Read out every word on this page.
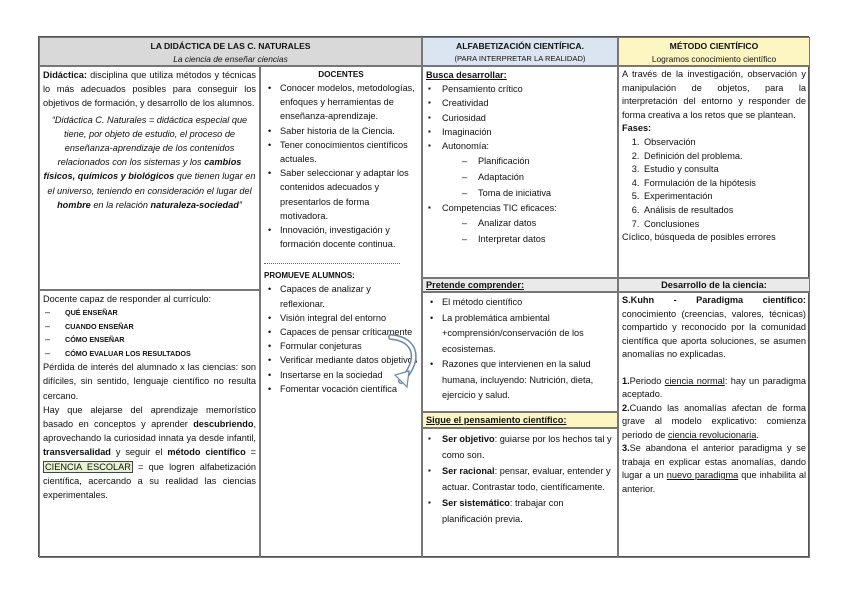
LA DIDÁCTICA DE LAS C. NATURALES
La ciencia de enseñar ciencias
Didáctica: disciplina que utiliza métodos y técnicas lo más adecuados posibles para conseguir los objetivos de formación, y desarrollo de los alumnos.
“Didáctica C. Naturales = didáctica especial que tiene, por objeto de estudio, el proceso de enseñanza-aprendizaje de los contenidos relacionados con los sistemas y los cambios físicos, químicos y biológicos que tienen lugar en el universo, teniendo en consideración el lugar del hombre en la relación naturaleza-sociedad”
Docente capaz de responder al currículo:
– QUÉ ENSEÑAR
– CUANDO ENSEÑAR
– CÓMO ENSEÑAR
– CÓMO EVALUAR LOS RESULTADOS
Pérdida de interés del alumnado x las ciencias: son difíciles, sin sentido, lenguaje científico no resulta cercano.
Hay que alejarse del aprendizaje memorístico basado en conceptos y aprender descubriendo, aprovechando la curiosidad innata ya desde infantil, transversalidad y seguir el método científico = CIENCIA ESCOLAR = que logren alfabetización científica, acercando a su realidad las ciencias experimentales.
DOCENTES
• Conocer modelos, metodologías, enfoques y herramientas de enseñanza-aprendizaje.
• Saber historia de la Ciencia.
• Tener conocimientos científicos actuales.
• Saber seleccionar y adaptar los contenidos adecuados y presentarlos de forma motivadora.
• Innovación, investigación y formación docente continua.
PROMUEVE ALUMNOS:
• Capaces de analizar y reflexionar.
• Visión integral del entorno
• Capaces de pensar críticamente
• Formular conjeturas
• Verificar mediante datos objetivos
• Insertarse en la sociedad
• Fomentar vocación científica
ALFABETIZACIÓN CIENTÍFICA.
(PARA INTERPRETAR LA REALIDAD)
Busca desarrollar:
▪ Pensamiento crítico
▪ Creatividad
▪ Curiosidad
▪ Imaginación
▪ Autonomía:
– Planificación
– Adaptación
– Toma de iniciativa
▪ Competencias TIC eficaces:
– Analizar datos
– Interpretar datos
Pretende comprender:
• El método científico
• La problemática ambiental +comprensión/conservación de los ecosistemas.
• Razones que intervienen en la salud humana, incluyendo: Nutrición, dieta, ejercicio y salud.
Sigue el pensamiento científico:
▪ Ser objetivo: guiarse por los hechos tal y como son.
▪ Ser racional: pensar, evaluar, entender y actuar. Contrastar todo, científicamente.
▪ Ser sistemático: trabajar con planificación previa.
MÉTODO CIENTÍFICO
Logramos conocimiento científico
A través de la investigación, observación y manipulación de objetos, para la interpretación del entorno y responder de forma creativa a los retos que se plantean.
Fases:
1. Observación
2. Definición del problema.
3. Estudio y consulta
4. Formulación de la hipótesis
5. Experimentación
6. Análisis de resultados
7. Conclusiones
Cíclico, búsqueda de posibles errores
Desarrollo de la ciencia:
S.Kuhn - Paradigma científico: conocimiento (creencias, valores, técnicas) compartido y reconocido por la comunidad científica que aporta soluciones, se asumen anomalías no explicadas.
1.Periodo ciencia normal: hay un paradigma aceptado.
2.Cuando las anomalías afectan de forma grave al modelo explicativo: comienza periodo de ciencia revolucionaria.
3.Se abandona el anterior paradigma y se trabaja en explicar estas anomalías, dando lugar a un nuevo paradigma que inhabilita al anterior.
